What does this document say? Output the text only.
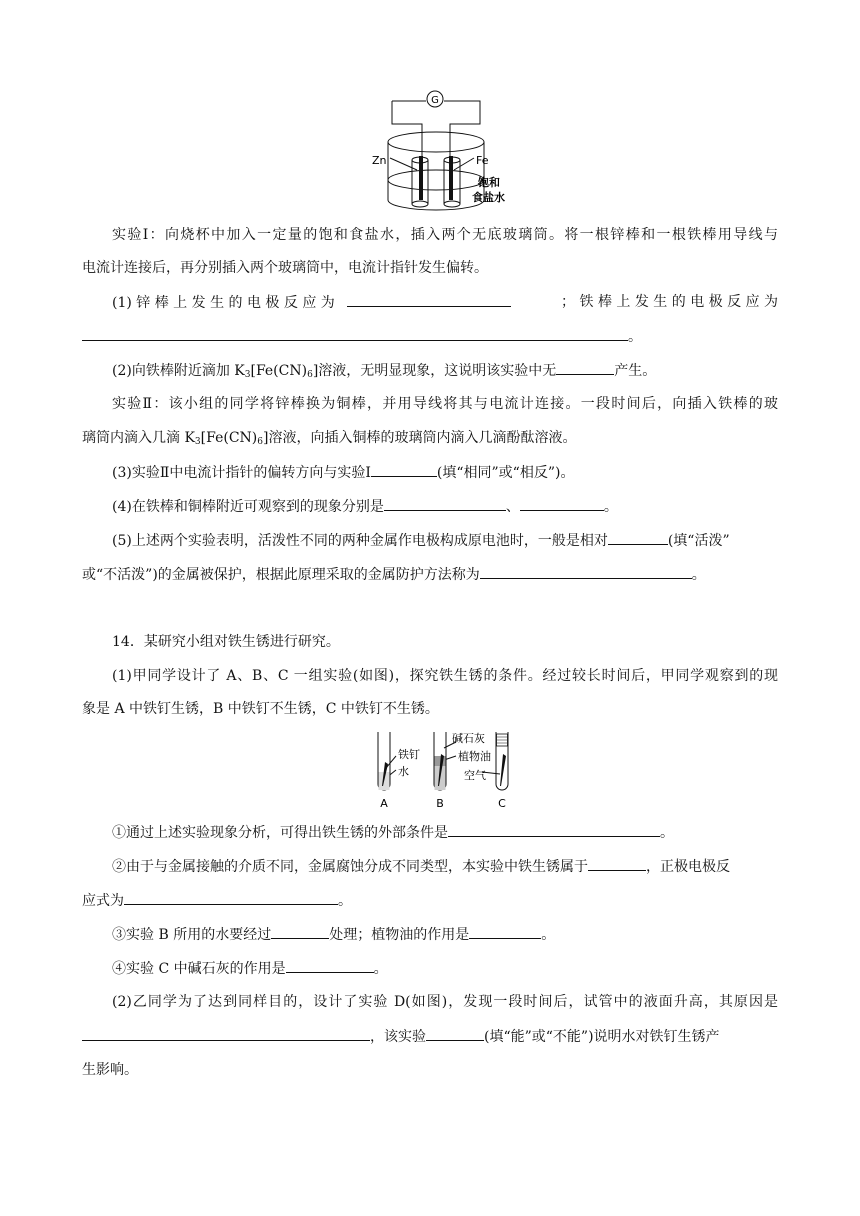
G
Zn	Fe
饱和
食盐水
实验Ⅰ：向烧杯中加入一定量的饱和食盐水，插入两个无底玻璃筒。将一根锌棒和一根铁棒用导线与
电流计连接后，再分别插入两个玻璃筒中，电流计指针发生偏转。
(1) 锌 棒 上 发 生 的 电 极 反 应 为	； 铁 棒 上 发 生 的 电 极 反 应 为
。
(2)向铁棒附近滴加 $K_3[Fe(CN)_6]$溶液，无明显现象，这说明该实验中无	产生。
实验Ⅱ：该小组的同学将锌棒换为铜棒，并用导线将其与电流计连接。一段时间后，向插入铁棒的玻
璃筒内滴入几滴 $K_3[Fe(CN)_6]$溶液，向插入铜棒的玻璃筒内滴入几滴酚酞溶液。
(3)实验Ⅱ中电流计指针的偏转方向与实验Ⅰ	(填“相同”或“相反”)。
(4)在铁棒和铜棒附近可观察到的现象分别是	、	。
(5)上述两个实验表明，活泼性不同的两种金属作电极构成原电池时，一般是相对	(填“活泼”
或“不活泼”)的金属被保护，根据此原理采取的金属防护方法称为	。
14．某研究小组对铁生锈进行研究。
(1)甲同学设计了 A、B、C 一组实验(如图)，探究铁生锈的条件。经过较长时间后，甲同学观察到的现
象是 A 中铁钉生锈，B 中铁钉不生锈，C 中铁钉不生锈。
铁钉
水
碱石灰
植物油
空气
A	B	C
①通过上述实验现象分析，可得出铁生锈的外部条件是	。
②由于与金属接触的介质不同，金属腐蚀分成不同类型，本实验中铁生锈属于	，正极电极反
应式为	。
③实验 B 所用的水要经过	处理；植物油的作用是	。
④实验 C 中碱石灰的作用是	。
(2)乙同学为了达到同样目的，设计了实验 D(如图)，发现一段时间后，试管中的液面升高，其原因是
，该实验	(填“能”或“不能”)说明水对铁钉生锈产
生影响。
